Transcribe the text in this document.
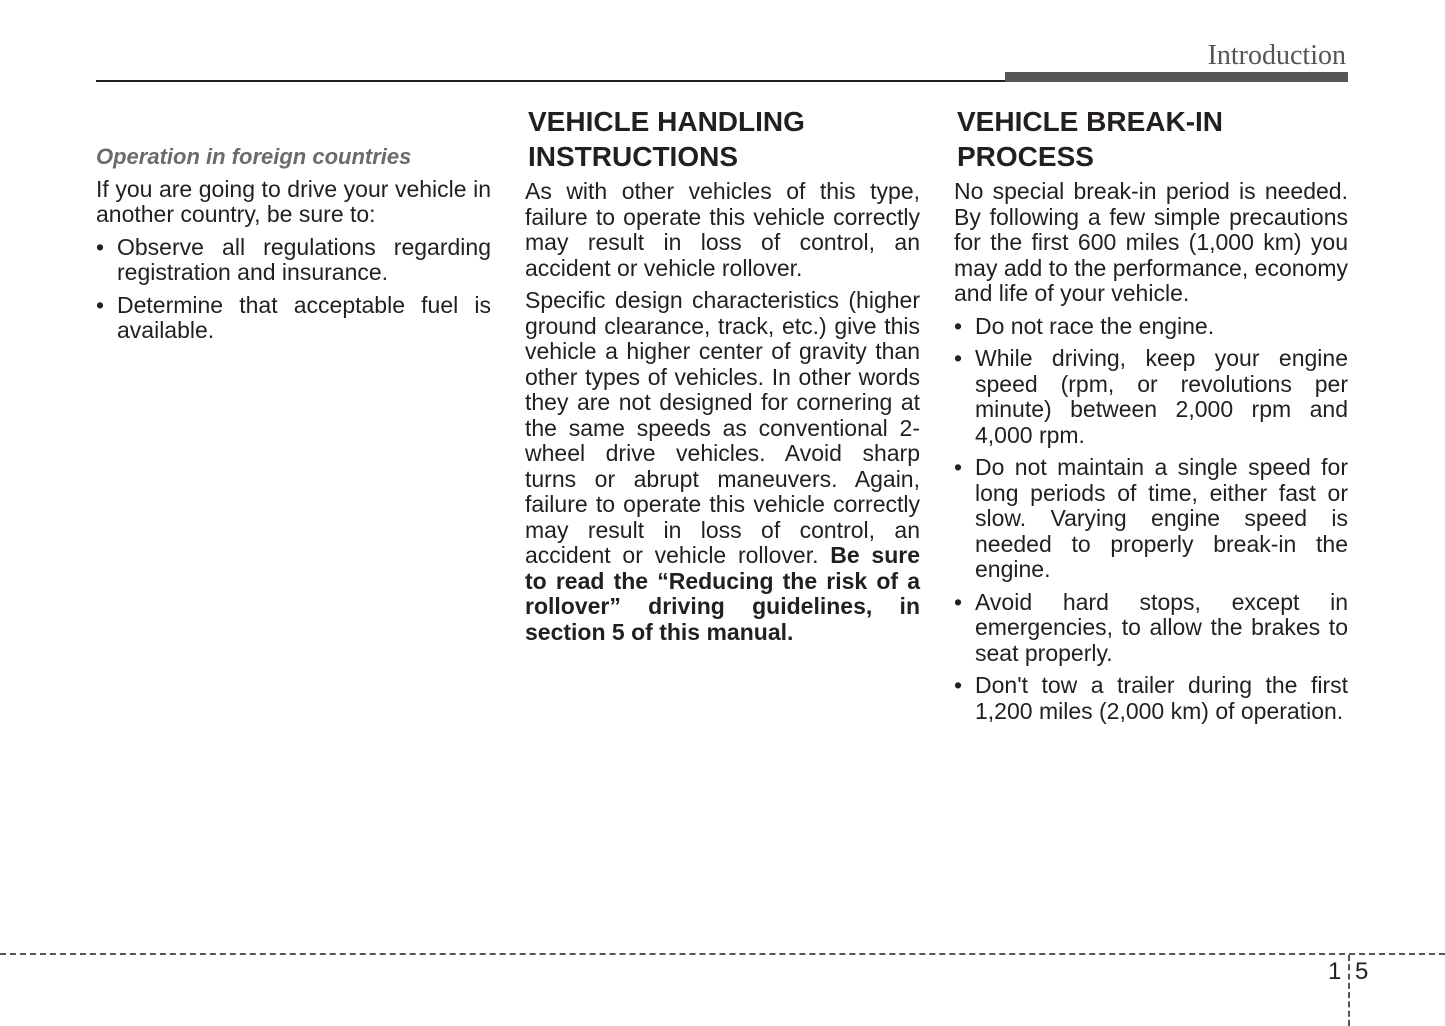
Introduction
Operation in foreign countries

If you are going to drive your vehicle in another country, be sure to:

• Observe all regulations regarding registration and insurance.
• Determine that acceptable fuel is available.
VEHICLE HANDLING
INSTRUCTIONS

As with other vehicles of this type, failure to operate this vehicle correctly may result in loss of control, an accident or vehicle rollover.

Specific design characteristics (higher ground clearance, track, etc.) give this vehicle a higher center of gravity than other types of vehicles. In other words they are not designed for cornering at the same speeds as conventional 2-wheel drive vehicles. Avoid sharp turns or abrupt maneuvers. Again, failure to operate this vehicle correctly may result in loss of control, an accident or vehicle rollover. Be sure to read the “Reducing the risk of a rollover” driving guidelines, in section 5 of this manual.

VEHICLE BREAK-IN
PROCESS

No special break-in period is needed. By following a few simple precautions for the first 600 miles (1,000 km) you may add to the performance, economy and life of your vehicle.

• Do not race the engine.
• While driving, keep your engine speed (rpm, or revolutions per minute) between 2,000 rpm and 4,000 rpm.
• Do not maintain a single speed for long periods of time, either fast or slow. Varying engine speed is needed to properly break-in the engine.
• Avoid hard stops, except in emergencies, to allow the brakes to seat properly.
• Don't tow a trailer during the first 1,200 miles (2,000 km) of operation.
1 5
